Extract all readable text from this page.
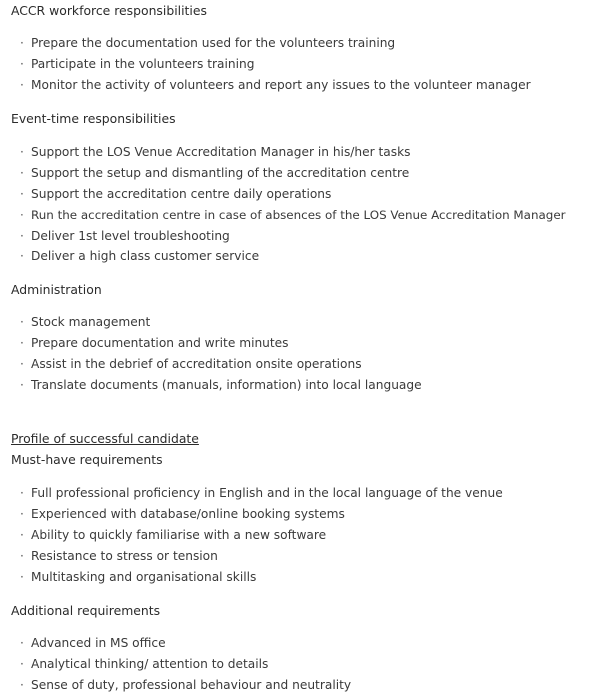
ACCR workforce responsibilities
· Prepare the documentation used for the volunteers training
· Participate in the volunteers training
· Monitor the activity of volunteers and report any issues to the volunteer manager
Event-time responsibilities
· Support the LOS Venue Accreditation Manager in his/her tasks
· Support the setup and dismantling of the accreditation centre
· Support the accreditation centre daily operations
· Run the accreditation centre in case of absences of the LOS Venue Accreditation Manager
· Deliver 1st level troubleshooting
· Deliver a high class customer service
Administration
· Stock management
· Prepare documentation and write minutes
· Assist in the debrief of accreditation onsite operations
· Translate documents (manuals, information) into local language
Profile of successful candidate
Must-have requirements
· Full professional proficiency in English and in the local language of the venue
· Experienced with database/online booking systems
· Ability to quickly familiarise with a new software
· Resistance to stress or tension
· Multitasking and organisational skills
Additional requirements
· Advanced in MS office
· Analytical thinking/ attention to details
· Sense of duty, professional behaviour and neutrality
